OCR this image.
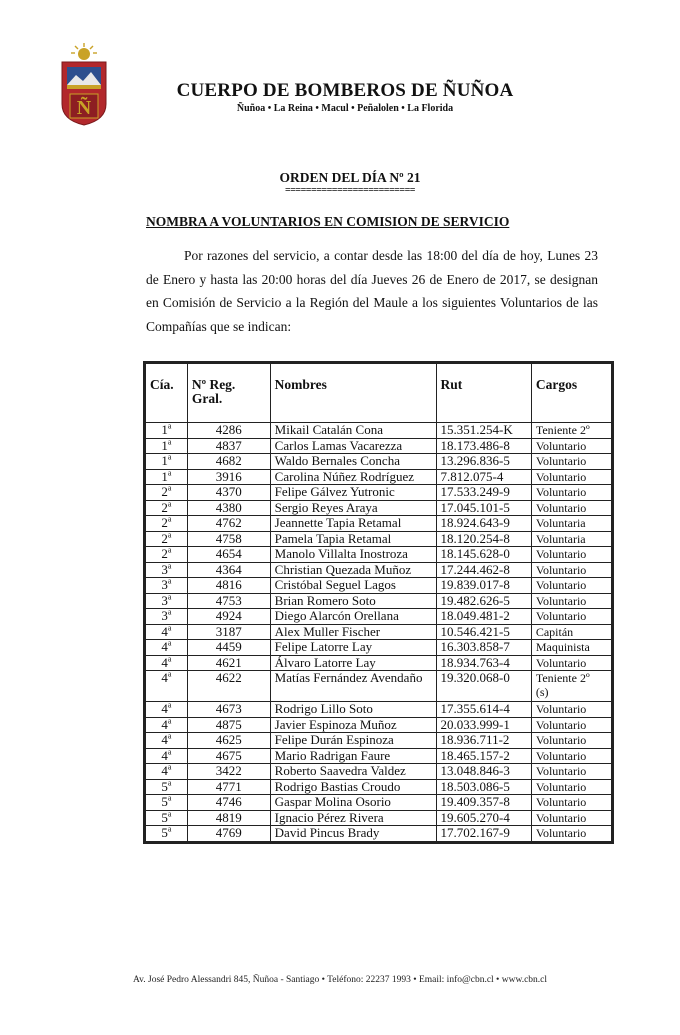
Ñ
CUERPO DE BOMBEROS DE ÑUÑOA
Ñuñoa • La Reina • Macul • Peñalolen • La Florida
ORDEN DEL DÍA Nº 21
=========================
NOMBRA A VOLUNTARIOS EN COMISION DE SERVICIO
Por razones del servicio, a contar desde las 18:00 del día de hoy, Lunes 23 de Enero y hasta las 20:00 horas del día Jueves 26 de Enero de 2017, se designan en Comisión de Servicio a la Región del Maule a los siguientes Voluntarios de las Compañías que se indican:
Cía.	Nº Reg. Gral.	Nombres	Rut	Cargos
1$^a$	4286	Mikail Catalán Cona	15.351.254-K	Teniente 2º
1$^a$	4837	Carlos Lamas Vacarezza	18.173.486-8	Voluntario
1$^a$	4682	Waldo Bernales Concha	13.296.836-5	Voluntario
1$^a$	3916	Carolina Núñez Rodríguez	7.812.075-4	Voluntario
2$^a$	4370	Felipe Gálvez Yutronic	17.533.249-9	Voluntario
2$^a$	4380	Sergio Reyes Araya	17.045.101-5	Voluntario
2$^a$	4762	Jeannette Tapia Retamal	18.924.643-9	Voluntaria
2$^a$	4758	Pamela Tapia Retamal	18.120.254-8	Voluntaria
2$^a$	4654	Manolo Villalta Inostroza	18.145.628-0	Voluntario
3$^a$	4364	Christian Quezada Muñoz	17.244.462-8	Voluntario
3$^a$	4816	Cristóbal Seguel Lagos	19.839.017-8	Voluntario
3$^a$	4753	Brian Romero Soto	19.482.626-5	Voluntario
3$^a$	4924	Diego Alarcón Orellana	18.049.481-2	Voluntario
4$^a$	3187	Alex Muller Fischer	10.546.421-5	Capitán
4$^a$	4459	Felipe Latorre Lay	16.303.858-7	Maquinista
4$^a$	4621	Álvaro Latorre Lay	18.934.763-4	Voluntario
4$^a$	4622	Matías Fernández Avendaño	19.320.068-0	Teniente 2º (s)

4$^a$	4673	Rodrigo Lillo Soto	17.355.614-4	Voluntario
4$^a$	4875	Javier Espinoza Muñoz	20.033.999-1	Voluntario
4$^a$	4625	Felipe Durán Espinoza	18.936.711-2	Voluntario
4$^a$	4675	Mario Radrigan Faure	18.465.157-2	Voluntario
4$^a$	3422	Roberto Saavedra Valdez	13.048.846-3	Voluntario
5$^a$	4771	Rodrigo Bastias Croudo	18.503.086-5	Voluntario
5$^a$	4746	Gaspar Molina Osorio	19.409.357-8	Voluntario
5$^a$	4819	Ignacio Pérez Rivera	19.605.270-4	Voluntario
5$^a$	4769	David Pincus Brady	17.702.167-9	Voluntario
Av. José Pedro Alessandri 845, Ñuñoa - Santiago • Teléfono: 22237 1993 • Email: info@cbn.cl • www.cbn.cl
